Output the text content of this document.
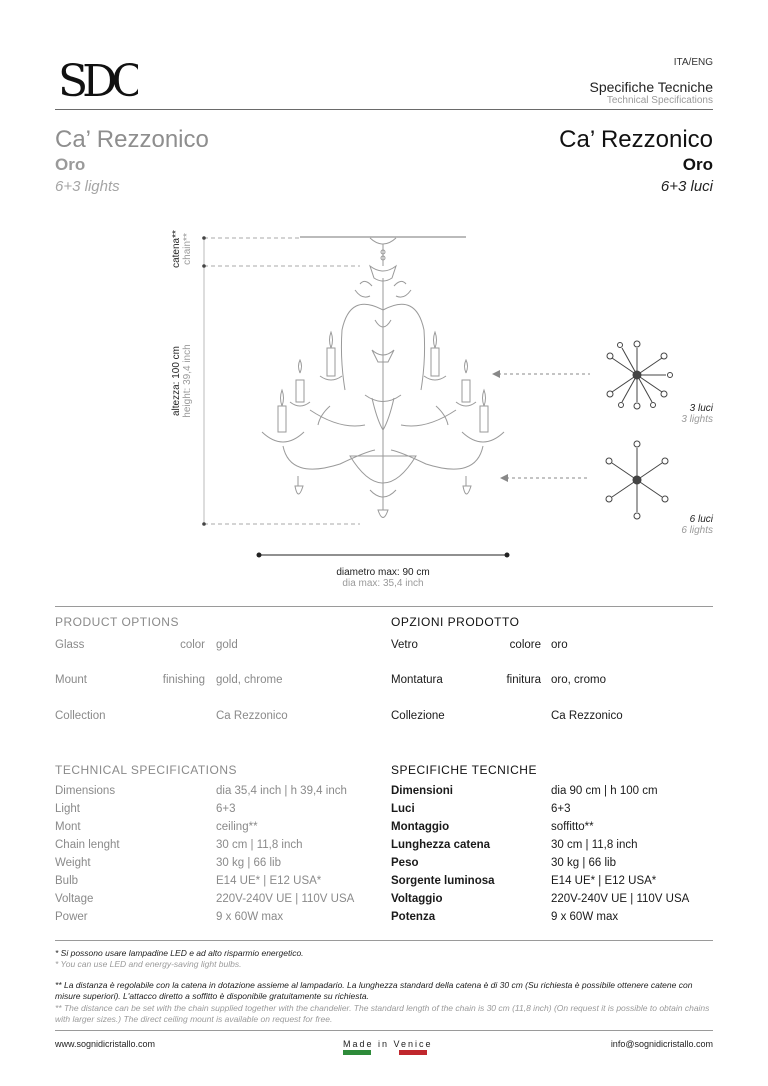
SDC	ITA/ENG
Specifiche Tecniche
Technical Specifications
Ca’ Rezzonico
Oro
6+3 lights
Ca’ Rezzonico
Oro
6+3 luci
catena** chain**
altezza: 100 cm height: 39,4 inch
diametro max: 90 cm
dia max: 35,4 inch
3 luci
3 lights
6 luci
6 lights
PRODUCT OPTIONS
Glass	color gold
Mount	finishing gold, chrome
Collection	Ca Rezzonico
OPZIONI PRODOTTO
Vetro	colore oro
Montatura	finitura oro, cromo
Collezione	Ca Rezzonico
TECHNICAL SPECIFICATIONS
Dimensions	dia 35,4 inch | h 39,4 inch
Light	6+3
Mont	ceiling**
Chain lenght	30 cm | 11,8 inch
Weight	30 kg | 66 lib
Bulb	E14 UE* | E12 USA*
Voltage	220V-240V UE | 110V USA
Power	9 x 60W max
SPECIFICHE TECNICHE
Dimensioni	dia 90 cm | h 100 cm
Luci	6+3
Montaggio	soffitto**
Lunghezza catena	30 cm | 11,8 inch
Peso	30 kg | 66 lib
Sorgente luminosa	E14 UE* | E12 USA*
Voltaggio	220V-240V UE | 110V USA
Potenza	9 x 60W max
* Si possono usare lampadine LED e ad alto risparmio energetico.
* You can use LED and energy-saving light bulbs.
** La distanza è regolabile con la catena in dotazione assieme al lampadario. La lunghezza standard della catena è di 30 cm (Su richiesta è possibile ottenere catene con misure superiori). L'attacco diretto a soffitto è disponibile gratuitamente su richiesta.
** The distance can be set with the chain supplied together with the chandelier. The standard length of the chain is 30 cm (11,8 inch) (On request it is possible to obtain chains with larger sizes.) The direct ceiling mount is available on request for free.
www.sognidicristallo.com	Made in Venice	info@sognidicristallo.com
